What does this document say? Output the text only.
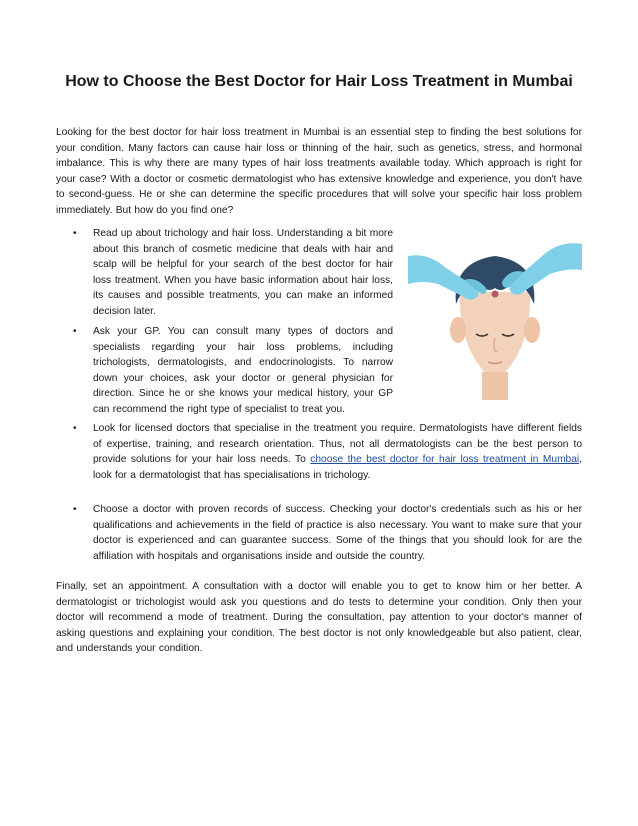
How to Choose the Best Doctor for Hair Loss Treatment in Mumbai

Looking for the best doctor for hair loss treatment in Mumbai is an essential step to finding the best solutions for your condition. Many factors can cause hair loss or thinning of the hair, such as genetics, stress, and hormonal imbalance. This is why there are many types of hair loss treatments available today. Which approach is right for your case? With a doctor or cosmetic dermatologist who has extensive knowledge and experience, you don't have to second-guess. He or she can determine the specific procedures that will solve your specific hair loss problem immediately. But how do you find one?

• Read up about trichology and hair loss. Understanding a bit more about this branch of cosmetic medicine that deals with hair and scalp will be helpful for your search of the best doctor for hair loss treatment. When you have basic information about hair loss, its causes and possible treatments, you can make an informed decision later.
• Ask your GP. You can consult many types of doctors and specialists regarding your hair loss problems, including trichologists, dermatologists, and endocrinologists. To narrow down your choices, ask your doctor or general physician for direction. Since he or she knows your medical history, your GP can recommend the right type of specialist to treat you.
• Look for licensed doctors that specialise in the treatment you require. Dermatologists have different fields of expertise, training, and research orientation. Thus, not all dermatologists can be the best person to provide solutions for your hair loss needs. To choose the best doctor for hair loss treatment in Mumbai, look for a dermatologist that has specialisations in trichology.
• Choose a doctor with proven records of success. Checking your doctor's credentials such as his or her qualifications and achievements in the field of practice is also necessary. You want to make sure that your doctor is experienced and can guarantee success. Some of the things that you should look for are the affiliation with hospitals and organisations inside and outside the country.

Finally, set an appointment. A consultation with a doctor will enable you to get to know him or her better. A dermatologist or trichologist would ask you questions and do tests to determine your condition. Only then your doctor will recommend a mode of treatment. During the consultation, pay attention to your doctor's manner of asking questions and explaining your condition. The best doctor is not only knowledgeable but also patient, clear, and understands your condition.
